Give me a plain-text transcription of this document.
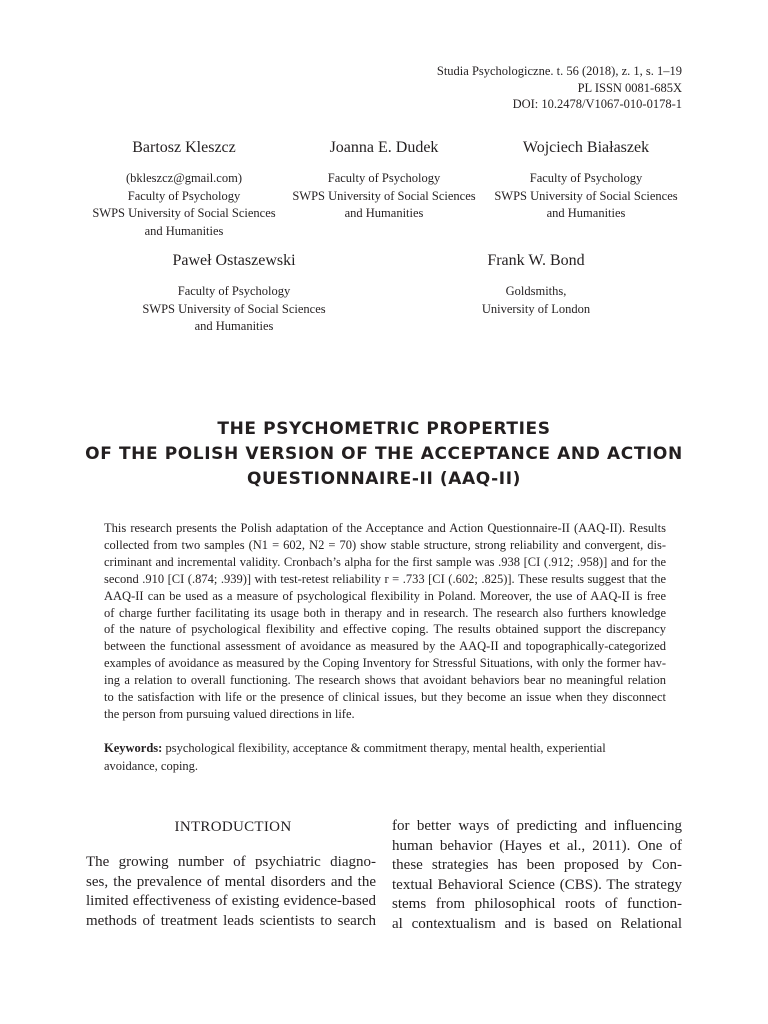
Studia Psychologiczne. t. 56 (2018), z. 1, s. 1–19
PL ISSN 0081-685X
DOI: 10.2478/V1067-010-0178-1
Bartosz Kleszcz
(bkleszcz@gmail.com)
Faculty of Psychology
SWPS University of Social Sciences
and Humanities
Joanna E. Dudek
Faculty of Psychology
SWPS University of Social Sciences
and Humanities
Wojciech Białaszek
Faculty of Psychology
SWPS University of Social Sciences
and Humanities
Paweł Ostaszewski
Faculty of Psychology
SWPS University of Social Sciences
and Humanities
Frank W. Bond
Goldsmiths,
University of London
THE PSYCHOMETRIC PROPERTIES
OF THE POLISH VERSION OF THE ACCEPTANCE AND ACTION
QUESTIONNAIRE-II (AAQ-II)
This research presents the Polish adaptation of the Acceptance and Action Questionnaire-II (AAQ-II). Results
collected from two samples (N1 = 602, N2 = 70) show stable structure, strong reliability and convergent, dis-
criminant and incremental validity. Cronbach’s alpha for the first sample was .938 [CI (.912; .958)] and for the
second .910 [CI (.874; .939)] with test-retest reliability r = .733 [CI (.602; .825)]. These results suggest that the
AAQ-II can be used as a measure of psychological flexibility in Poland. Moreover, the use of AAQ-II is free
of charge further facilitating its usage both in therapy and in research. The research also furthers knowledge
of the nature of psychological flexibility and effective coping. The results obtained support the discrepancy
between the functional assessment of avoidance as measured by the AAQ-II and topographically-categorized
examples of avoidance as measured by the Coping Inventory for Stressful Situations, with only the former hav-
ing a relation to overall functioning. The research shows that avoidant behaviors bear no meaningful relation
to the satisfaction with life or the presence of clinical issues, but they become an issue when they disconnect
the person from pursuing valued directions in life.
Keywords: psychological flexibility, acceptance & commitment therapy, mental health, experiential
avoidance, coping.
INTRODUCTION
The growing number of psychiatric diagno-
ses, the prevalence of mental disorders and the
limited effectiveness of existing evidence-based
methods of treatment leads scientists to search
for better ways of predicting and influencing
human behavior (Hayes et al., 2011). One of
these strategies has been proposed by Con-
textual Behavioral Science (CBS). The strategy
stems from philosophical roots of function-
al contextualism and is based on Relational
